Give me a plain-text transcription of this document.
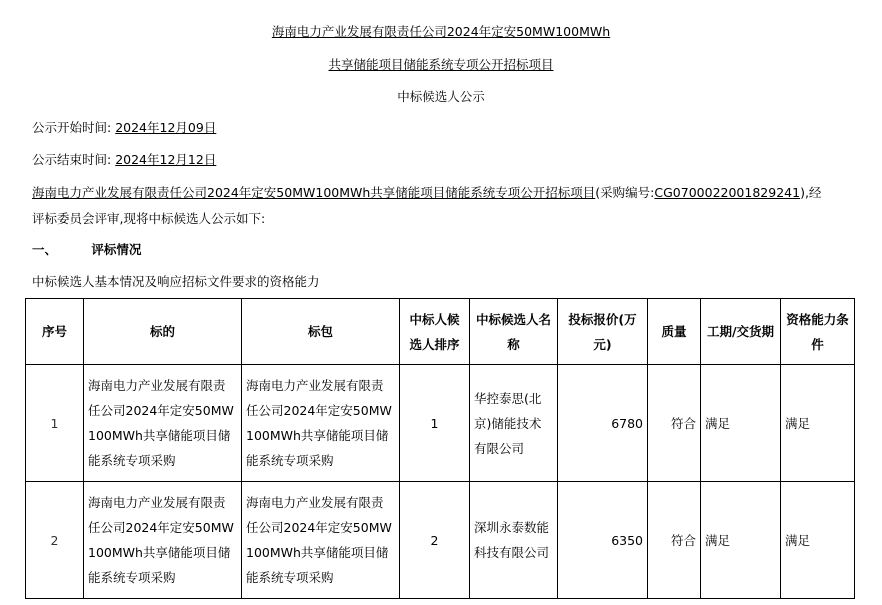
海南电力产业发展有限责任公司2024年定安50MW100MWh
共享储能项目储能系统专项公开招标项目
中标候选人公示
公示开始时间: 2024年12月09日
公示结束时间: 2024年12月12日
海南电力产业发展有限责任公司2024年定安50MW100MWh共享储能项目储能系统专项公开招标项目(采购编号:CG0700022001829241),经
评标委员会评审,现将中标候选人公示如下:
一、	评标情况
中标候选人基本情况及响应招标文件要求的资格能力
序号	标的	标包	中标人候选人排序	中标候选人名称	投标报价(万元)	质量	工期/交货期	资格能力条件
1	海南电力产业发展有限责任公司2024年定安50MW100MWh共享储能项目储能系统专项采购	海南电力产业发展有限责任公司2024年定安50MW100MWh共享储能项目储能系统专项采购	1	华控泰思(北京)储能技术有限公司	6780	符合	满足	满足
2	海南电力产业发展有限责任公司2024年定安50MW100MWh共享储能项目储能系统专项采购	海南电力产业发展有限责任公司2024年定安50MW100MWh共享储能项目储能系统专项采购	2	深圳永泰数能科技有限公司	6350	符合	满足	满足
